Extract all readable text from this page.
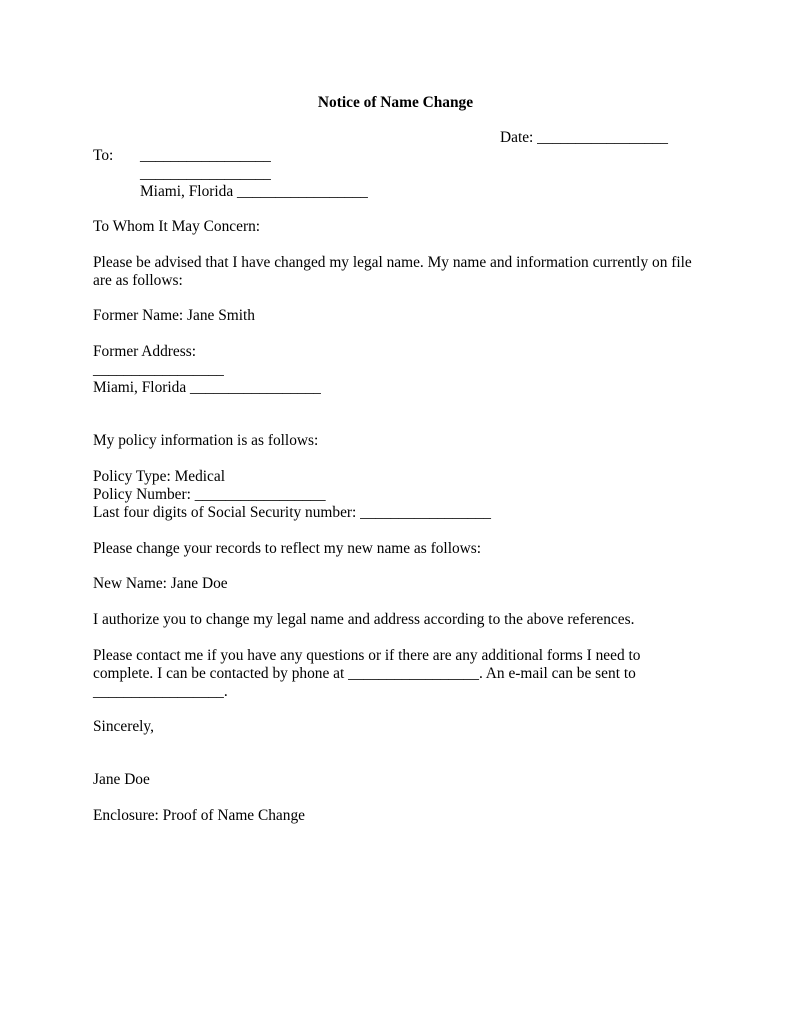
Notice of Name Change
Date: _________________
To: _________________
_________________
Miami, Florida _________________
To Whom It May Concern:
Please be advised that I have changed my legal name. My name and information currently on file
are as follows:
Former Name: Jane Smith
Former Address:
_________________
Miami, Florida _________________
My policy information is as follows:
Policy Type: Medical
Policy Number: _________________
Last four digits of Social Security number: _________________
Please change your records to reflect my new name as follows:
New Name: Jane Doe
I authorize you to change my legal name and address according to the above references.
Please contact me if you have any questions or if there are any additional forms I need to
complete. I can be contacted by phone at _________________. An e-mail can be sent to
_________________.
Sincerely,
Jane Doe
Enclosure: Proof of Name Change
